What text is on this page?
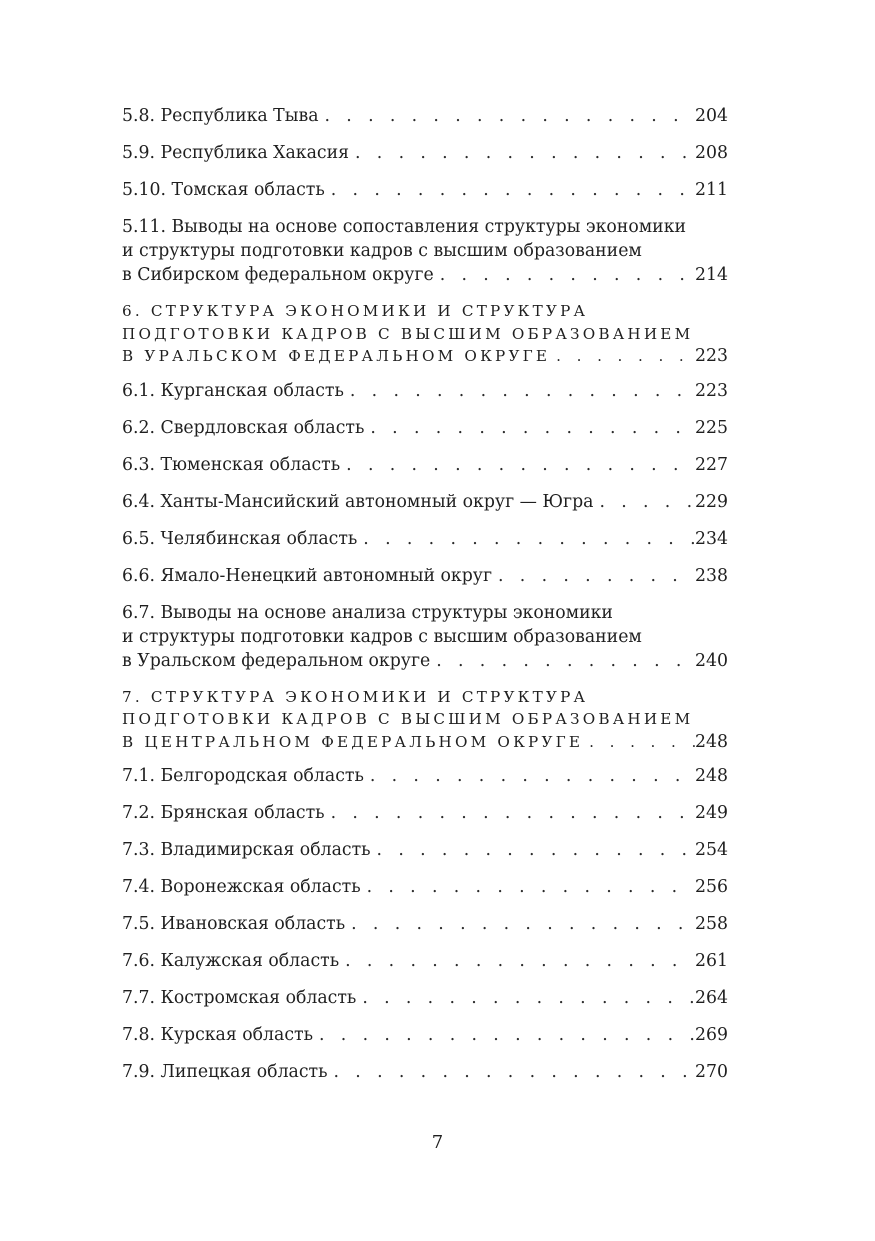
5.8. Республика Тыва . . .	204
5.9. Республика Хакасия . . .	208
5.10. Томская область . . .	211
5.11. Выводы на основе сопоставления структуры экономики
и структуры подготовки кадров с высшим образованием
в Сибирском федеральном округе . . .	214
6. СТРУКТУРА ЭКОНОМИКИ И СТРУКТУРА
ПОДГОТОВКИ КАДРОВ С ВЫСШИМ ОБРАЗОВАНИЕМ
В УРАЛЬСКОМ ФЕДЕРАЛЬНОМ ОКРУГЕ . . .	223
6.1. Курганская область . . .	223
6.2. Свердловская область . . .	225
6.3. Тюменская область . . .	227
6.4. Ханты-Мансийский автономный округ — Югра . . .	229
6.5. Челябинская область . . .	234
6.6. Ямало-Ненецкий автономный округ . . .	238
6.7. Выводы на основе анализа структуры экономики
и структуры подготовки кадров с высшим образованием
в Уральском федеральном округе . . .	240
7. СТРУКТУРА ЭКОНОМИКИ И СТРУКТУРА
ПОДГОТОВКИ КАДРОВ С ВЫСШИМ ОБРАЗОВАНИЕМ
В ЦЕНТРАЛЬНОМ ФЕДЕРАЛЬНОМ ОКРУГЕ . . .	248
7.1. Белгородская область . . .	248
7.2. Брянская область . . .	249
7.3. Владимирская область . . .	254
7.4. Воронежская область . . .	256
7.5. Ивановская область . . .	258
7.6. Калужская область . . .	261
7.7. Костромская область . . .	264
7.8. Курская область . . .	269
7.9. Липецкая область . . .	270
7
